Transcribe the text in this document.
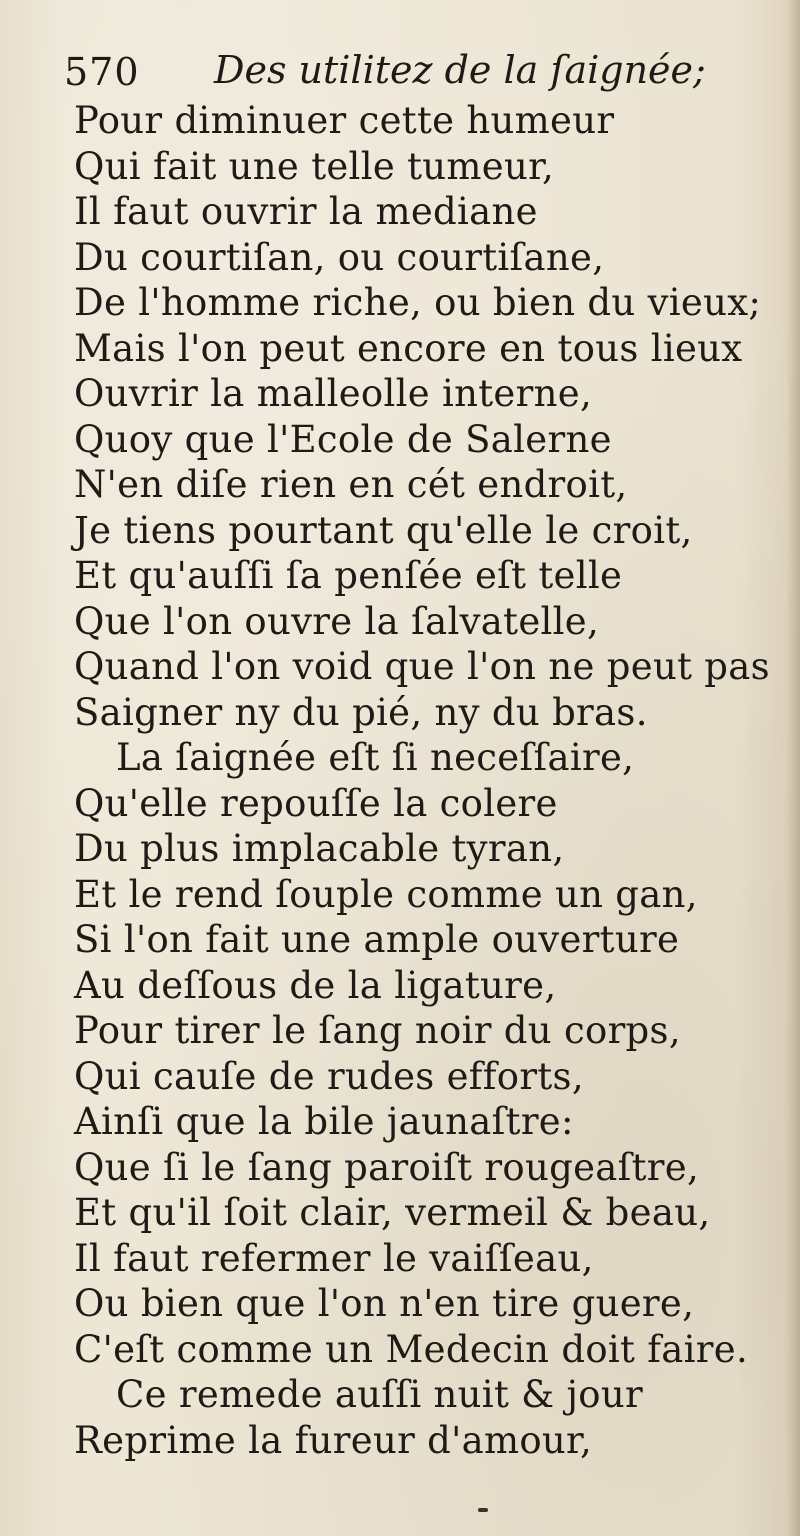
570 Des utilitez de la ſaignée;
Pour diminuer cette humeur
Qui fait une telle tumeur,
Il faut ouvrir la mediane
Du courtiſan, ou courtiſane,
De l'homme riche, ou bien du vieux;
Mais l'on peut encore en tous lieux
Ouvrir la malleolle interne,
Quoy que l'Ecole de Salerne
N'en diſe rien en cét endroit,
Je tiens pourtant qu'elle le croit,
Et qu'auſſi ſa penſée eſt telle
Que l'on ouvre la ſalvatelle,
Quand l'on void que l'on ne peut pas
Saigner ny du pié, ny du bras.
La ſaignée eſt ſi neceſſaire,
Qu'elle repouſſe la colere
Du plus implacable tyran,
Et le rend ſouple comme un gan,
Si l'on fait une ample ouverture
Au deſſous de la ligature,
Pour tirer le ſang noir du corps,
Qui cauſe de rudes efforts,
Ainſi que la bile jaunaſtre:
Que ſi le ſang paroiſt rougeaſtre,
Et qu'il ſoit clair, vermeil & beau,
Il faut refermer le vaiſſeau,
Ou bien que l'on n'en tire guere,
C'eſt comme un Medecin doit faire.
Ce remede auſſi nuit & jour
Reprime la fureur d'amour,
